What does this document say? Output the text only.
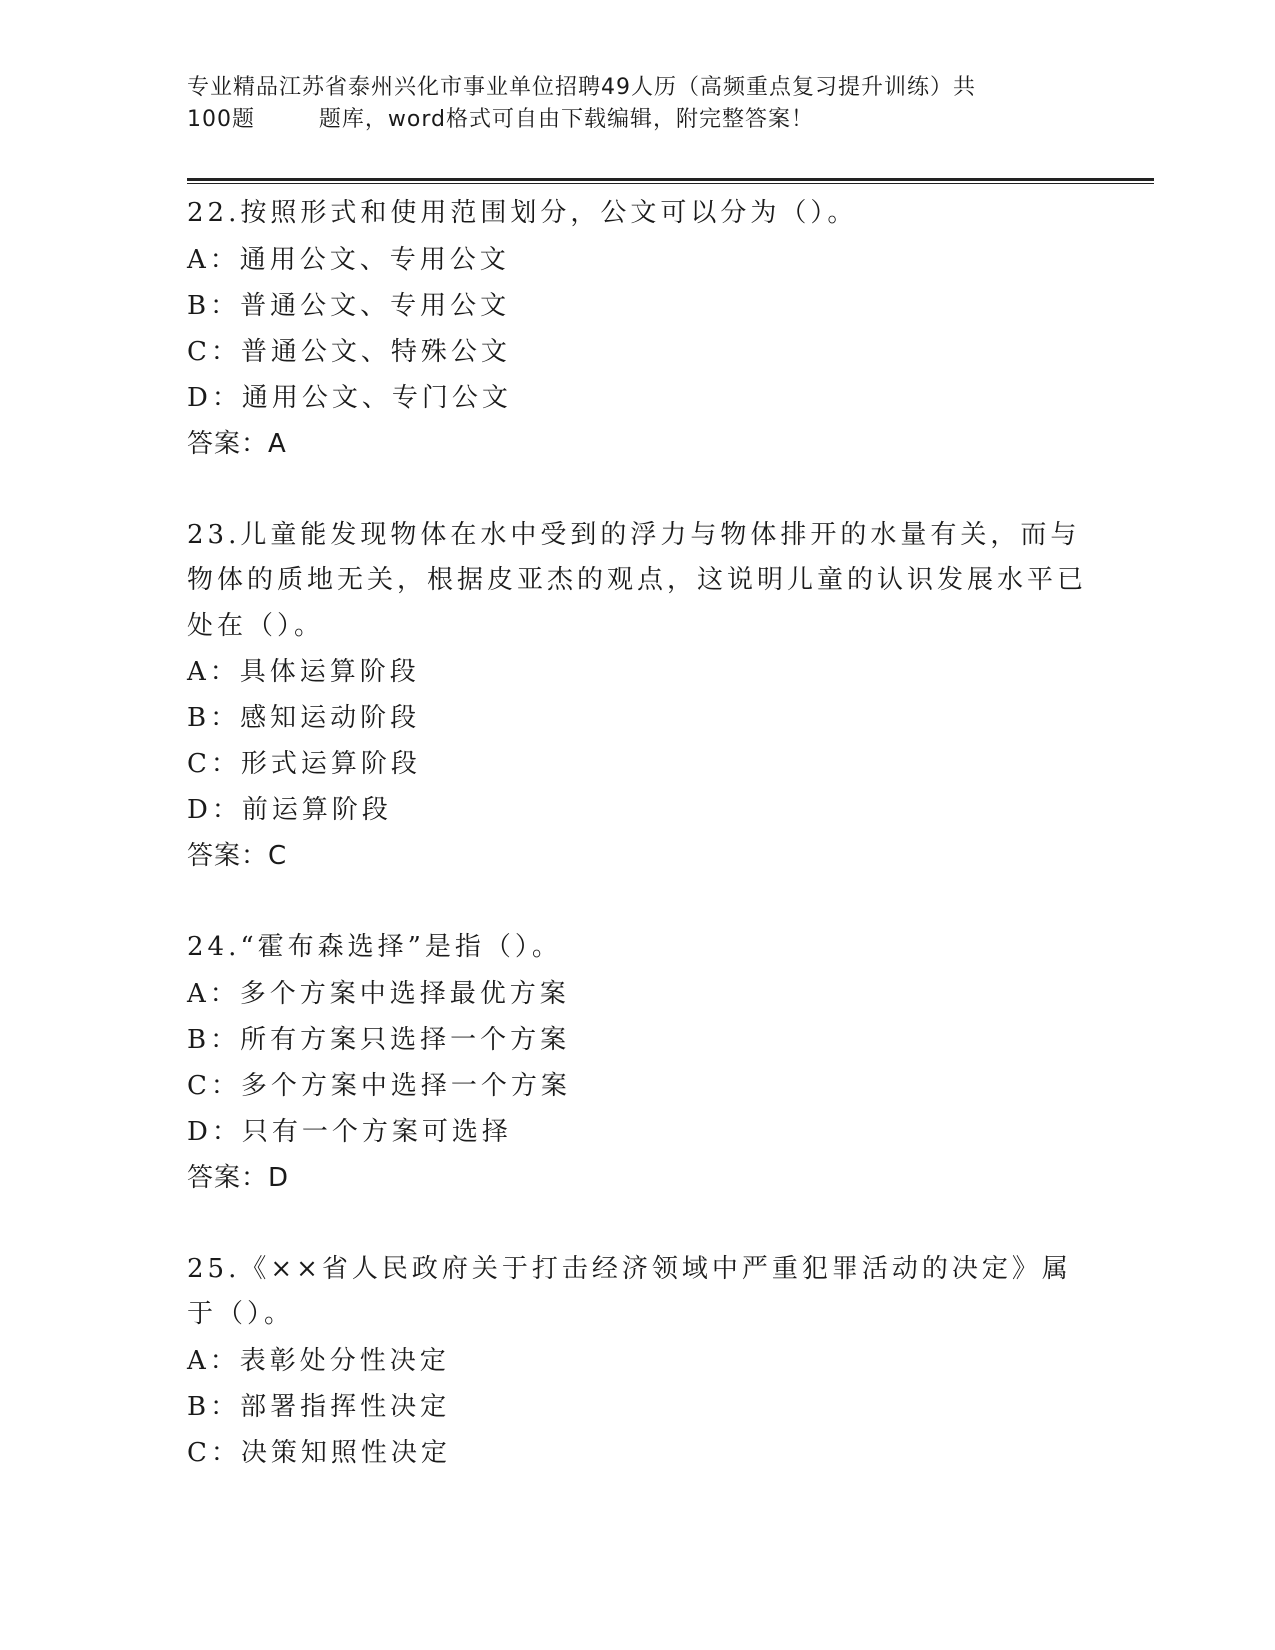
专业精品江苏省泰州兴化市事业单位招聘49人历（高频重点复习提升训练）共
100题        题库，word格式可自由下载编辑，附完整答案！
22.按照形式和使用范围划分，公文可以分为（）。
A：通用公文、专用公文
B：普通公文、专用公文
C：普通公文、特殊公文
D：通用公文、专门公文
答案：A
23.儿童能发现物体在水中受到的浮力与物体排开的水量有关，而与物体的质地无关，根据皮亚杰的观点，这说明儿童的认识发展水平已处在（）。
A：具体运算阶段
B：感知运动阶段
C：形式运算阶段
D：前运算阶段
答案：C
24.“霍布森选择”是指（）。
A：多个方案中选择最优方案
B：所有方案只选择一个方案
C：多个方案中选择一个方案
D：只有一个方案可选择
答案：D
25.《××省人民政府关于打击经济领域中严重犯罪活动的决定》属于（）。
A：表彰处分性决定
B：部署指挥性决定
C：决策知照性决定
